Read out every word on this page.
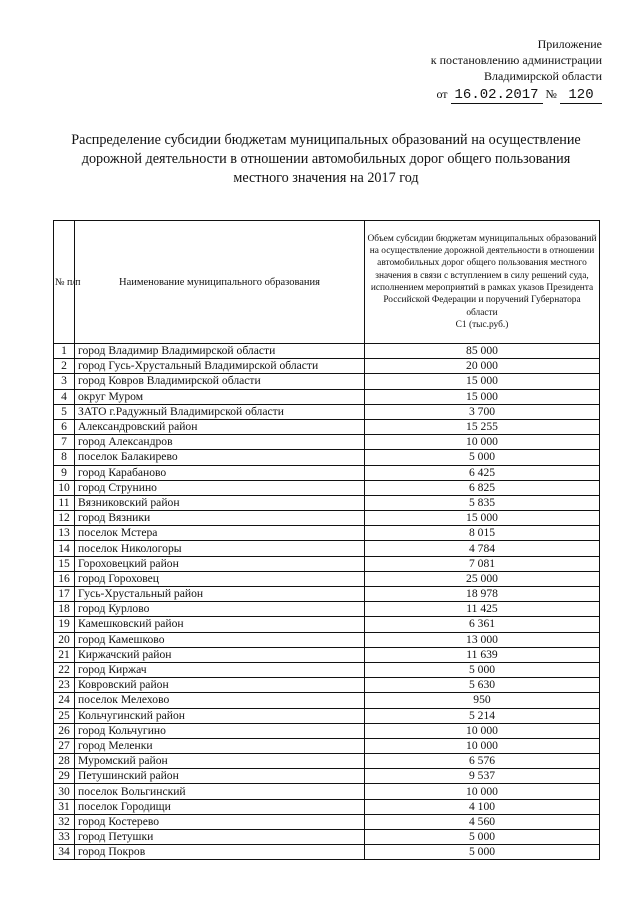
Приложение
к постановлению администрации
Владимирской области
от 16.02.2017 № 120
Распределение субсидии бюджетам муниципальных образований на осуществление
дорожной деятельности в отношении автомобильных дорог общего пользования
местного значения на 2017 год
№ п/п	Наименование муниципального образования	Объем субсидии бюджетам муниципальных образований на осуществление дорожной деятельности в отношении автомобильных дорог общего пользования местного значения в связи с вступлением в силу решений суда, исполнением мероприятий в рамках указов Президента Российской Федерации и поручений Губернатора области
С1 (тыс.руб.)

1	город Владимир Владимирской области	85 000
2	город Гусь-Хрустальный Владимирской области	20 000
3	город Ковров Владимирской области	15 000
4	округ Муром	15 000
5	ЗАТО г.Радужный Владимирской области	3 700
6	Александровский район	15 255
7	город Александров	10 000
8	поселок Балакирево	5 000
9	город Карабаново	6 425
10	город Струнино	6 825
11	Вязниковский район	5 835
12	город Вязники	15 000
13	поселок Мстера	8 015
14	поселок Никологоры	4 784
15	Гороховецкий район	7 081
16	город Гороховец	25 000
17	Гусь-Хрустальный район	18 978
18	город Курлово	11 425
19	Камешковский район	6 361
20	город Камешково	13 000
21	Киржачский район	11 639
22	город Киржач	5 000
23	Ковровский район	5 630
24	поселок Мелехово	950
25	Кольчугинский район	5 214
26	город Кольчугино	10 000
27	город Меленки	10 000
28	Муромский район	6 576
29	Петушинский район	9 537
30	поселок Вольгинский	10 000
31	поселок Городищи	4 100
32	город Костерево	4 560
33	город Петушки	5 000
34	город Покров	5 000
